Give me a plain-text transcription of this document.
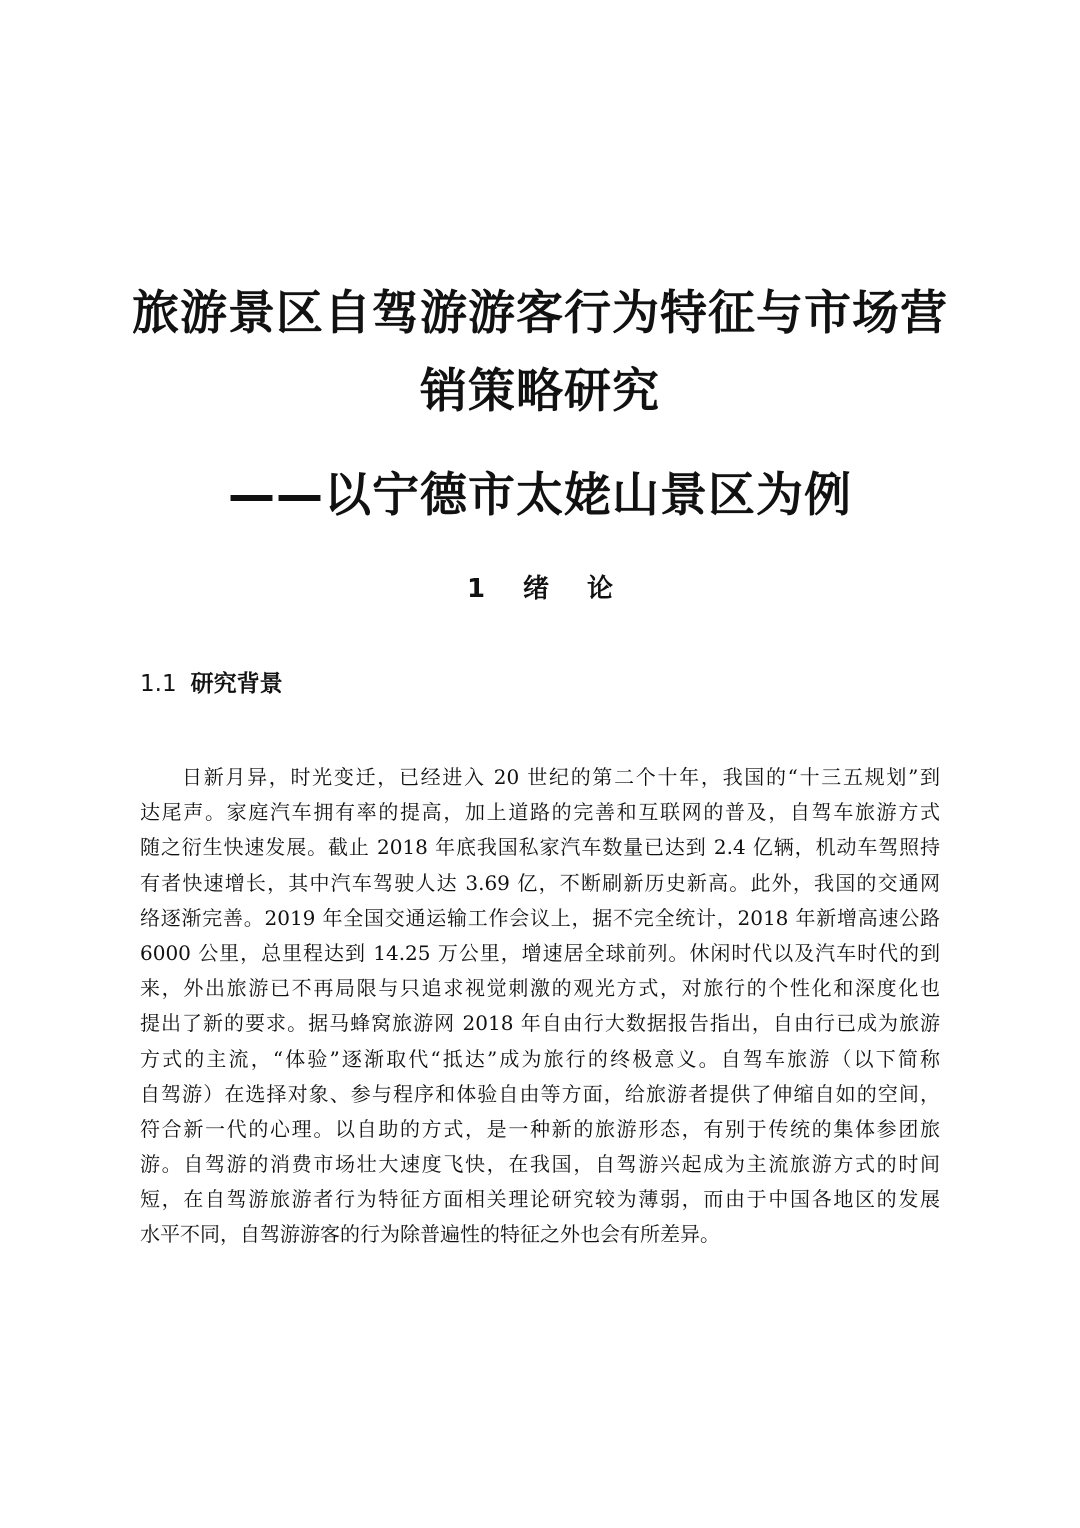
旅游景区自驾游游客行为特征与市场营
销策略研究
——以宁德市太姥山景区为例
1 绪 论
1.1 研究背景
日新月异，时光变迁，已经进入 20 世纪的第二个十年，我国的“十三五规划”到
达尾声。家庭汽车拥有率的提高，加上道路的完善和互联网的普及，自驾车旅游方式
随之衍生快速发展。截止 2018 年底我国私家汽车数量已达到 2.4 亿辆，机动车驾照持
有者快速增长，其中汽车驾驶人达 3.69 亿，不断刷新历史新高。此外，我国的交通网
络逐渐完善。2019 年全国交通运输工作会议上，据不完全统计，2018 年新增高速公路
6000 公里，总里程达到 14.25 万公里，增速居全球前列。休闲时代以及汽车时代的到
来，外出旅游已不再局限与只追求视觉刺激的观光方式，对旅行的个性化和深度化也
提出了新的要求。据马蜂窝旅游网 2018 年自由行大数据报告指出，自由行已成为旅游
方式的主流，“体验”逐渐取代“抵达”成为旅行的终极意义。自驾车旅游（以下简称
自驾游）在选择对象、参与程序和体验自由等方面，给旅游者提供了伸缩自如的空间，
符合新一代的心理。以自助的方式，是一种新的旅游形态，有别于传统的集体参团旅
游。自驾游的消费市场壮大速度飞快，在我国，自驾游兴起成为主流旅游方式的时间
短，在自驾游旅游者行为特征方面相关理论研究较为薄弱，而由于中国各地区的发展
水平不同，自驾游游客的行为除普遍性的特征之外也会有所差异。
